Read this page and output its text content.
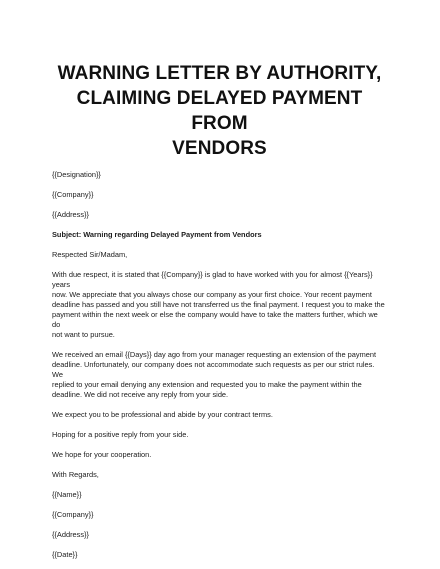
WARNING LETTER BY AUTHORITY,
CLAIMING DELAYED PAYMENT FROM
VENDORS

{{Designation}}

{{Company}}

{{Address}}

Subject: Warning regarding Delayed Payment from Vendors

Respected Sir/Madam,

With due respect, it is stated that {{Company}} is glad to have worked with you for almost {{Years}} years
now. We appreciate that you always chose our company as your first choice. Your recent payment
deadline has passed and you still have not transferred us the final payment. I request you to make the
payment within the next week or else the company would have to take the matters further, which we do
not want to pursue.

We received an email {{Days}} day ago from your manager requesting an extension of the payment
deadline. Unfortunately, our company does not accommodate such requests as per our strict rules. We
replied to your email denying any extension and requested you to make the payment within the
deadline. We did not receive any reply from your side.

We expect you to be professional and abide by your contract terms.

Hoping for a positive reply from your side.

We hope for your cooperation.

With Regards,

{{Name}}

{{Company}}

{{Address}}

{{Date}}
